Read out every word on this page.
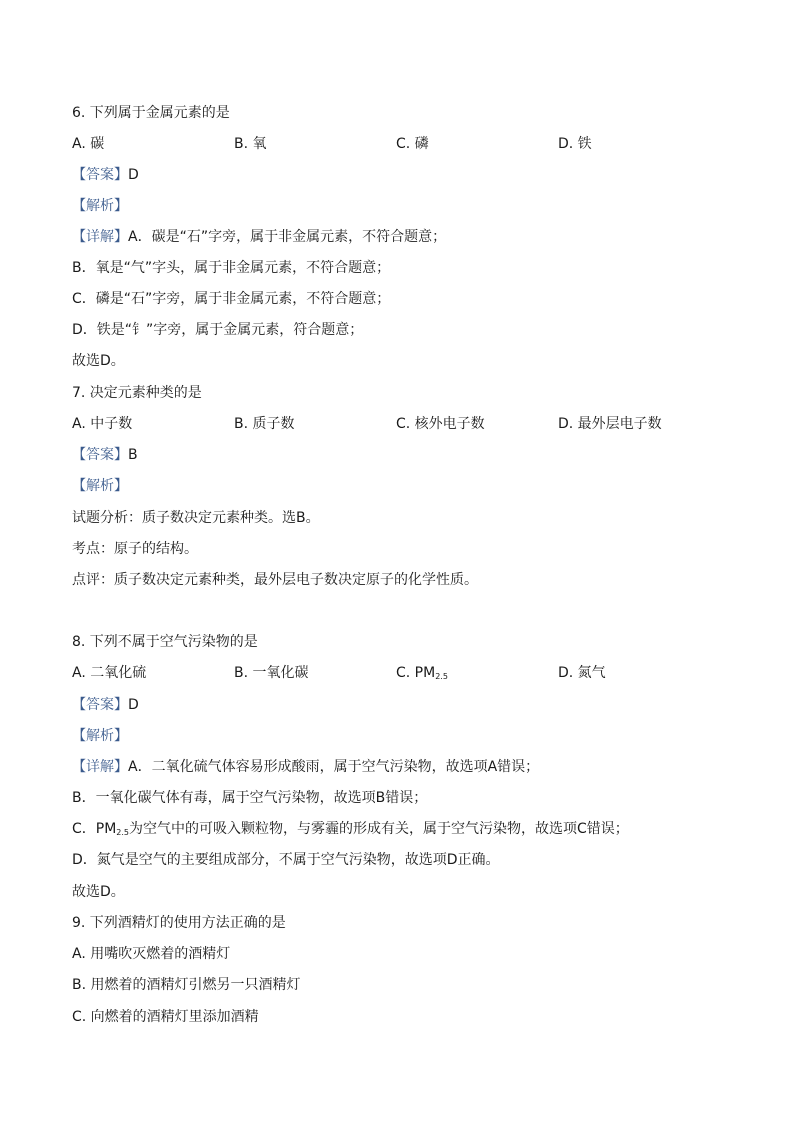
6. 下列属于金属元素的是
A. 碳	B. 氧	C. 磷	D. 铁
【答案】D
【解析】
【详解】A．碳是“石”字旁，属于非金属元素，不符合题意；
B．氧是“气”字头，属于非金属元素，不符合题意；
C．磷是“石”字旁，属于非金属元素，不符合题意；
D．铁是“钅”字旁，属于金属元素，符合题意；
故选D。
7. 决定元素种类的是
A. 中子数	B. 质子数	C. 核外电子数	D. 最外层电子数
【答案】B
【解析】
试题分析：质子数决定元素种类。选B。
考点：原子的结构。
点评：质子数决定元素种类，最外层电子数决定原子的化学性质。
8. 下列不属于空气污染物的是
A. 二氧化硫	B. 一氧化碳	C. $PM_{2.5}$	D. 氮气
【答案】D
【解析】
【详解】A．二氧化硫气体容易形成酸雨，属于空气污染物，故选项A错误；
B．一氧化碳气体有毒，属于空气污染物，故选项B错误；
C．$PM_{2.5}$为空气中的可吸入颗粒物，与雾霾的形成有关，属于空气污染物，故选项C错误；
D．氮气是空气的主要组成部分，不属于空气污染物，故选项D正确。
故选D。
9. 下列酒精灯的使用方法正确的是
A. 用嘴吹灭燃着的酒精灯
B. 用燃着的酒精灯引燃另一只酒精灯
C. 向燃着的酒精灯里添加酒精
